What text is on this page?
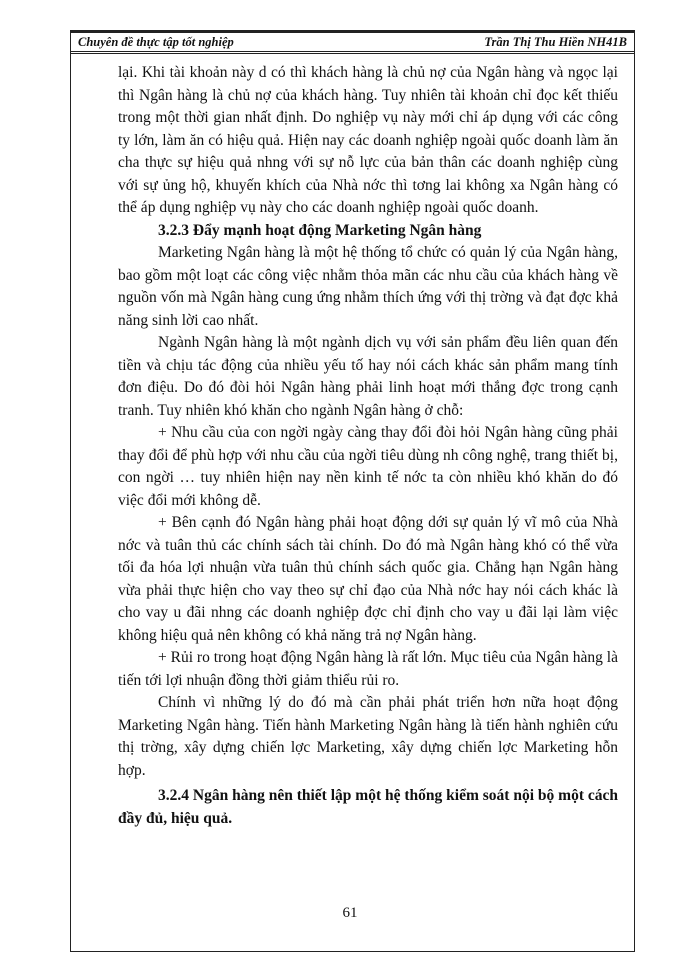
Chuyên đề thực tập tốt nghiệp	Trần Thị Thu Hiền NH41B

lại. Khi tài khoản này d có thì khách hàng là chủ nợ của Ngân hàng và ngọc lại thì Ngân hàng là chủ nợ của khách hàng. Tuy nhiên tài khoản chỉ đọc kết thiếu trong một thời gian nhất định. Do nghiệp vụ này mới chỉ áp dụng với các công ty lớn, làm ăn có hiệu quả. Hiện nay các doanh nghiệp ngoài quốc doanh làm ăn cha thực sự hiệu quả nhng với sự nỗ lực của bản thân các doanh nghiệp cùng với sự ủng hộ, khuyến khích của Nhà nớc thì tơng lai không xa Ngân hàng có thể áp dụng nghiệp vụ này cho các doanh nghiệp ngoài quốc doanh.

3.2.3 Đẩy mạnh hoạt động Marketing Ngân hàng

Marketing Ngân hàng là một hệ thống tổ chức có quản lý của Ngân hàng, bao gồm một loạt các công việc nhằm thỏa mãn các nhu cầu của khách hàng về nguồn vốn mà Ngân hàng cung ứng nhằm thích ứng với thị trờng và đạt đợc khả năng sinh lời cao nhất.

Ngành Ngân hàng là một ngành dịch vụ với sản phẩm đều liên quan đến tiền và chịu tác động của nhiều yếu tố hay nói cách khác sản phẩm mang tính đơn điệu. Do đó đòi hỏi Ngân hàng phải linh hoạt mới thắng đợc trong cạnh tranh. Tuy nhiên khó khăn cho ngành Ngân hàng ở chỗ:

+ Nhu cầu của con ngời ngày càng thay đổi đòi hỏi Ngân hàng cũng phải thay đổi để phù hợp với nhu cầu của ngời tiêu dùng nh công nghệ, trang thiết bị, con ngời … tuy nhiên hiện nay nền kinh tế nớc ta còn nhiều khó khăn do đó việc đổi mới không dễ.

+ Bên cạnh đó Ngân hàng phải hoạt động dới sự quản lý vĩ mô của Nhà nớc và tuân thủ các chính sách tài chính. Do đó mà Ngân hàng khó có thể vừa tối đa hóa lợi nhuận vừa tuân thủ chính sách quốc gia. Chẳng hạn Ngân hàng vừa phải thực hiện cho vay theo sự chỉ đạo của Nhà nớc hay nói cách khác là cho vay u đãi nhng các doanh nghiệp đợc chỉ định cho vay u đãi lại làm việc không hiệu quả nên không có khả năng trả nợ Ngân hàng.

+ Rủi ro trong hoạt động Ngân hàng là rất lớn. Mục tiêu của Ngân hàng là tiến tới lợi nhuận đồng thời giảm thiểu rủi ro.

Chính vì những lý do đó mà cần phải phát triển hơn nữa hoạt động Marketing Ngân hàng. Tiến hành Marketing Ngân hàng là tiến hành nghiên cứu thị trờng, xây dựng chiến lợc Marketing, xây dựng chiến lợc Marketing hỗn hợp.

3.2.4 Ngân hàng nên thiết lập một hệ thống kiểm soát nội bộ một cách đầy đủ, hiệu quả.

61
